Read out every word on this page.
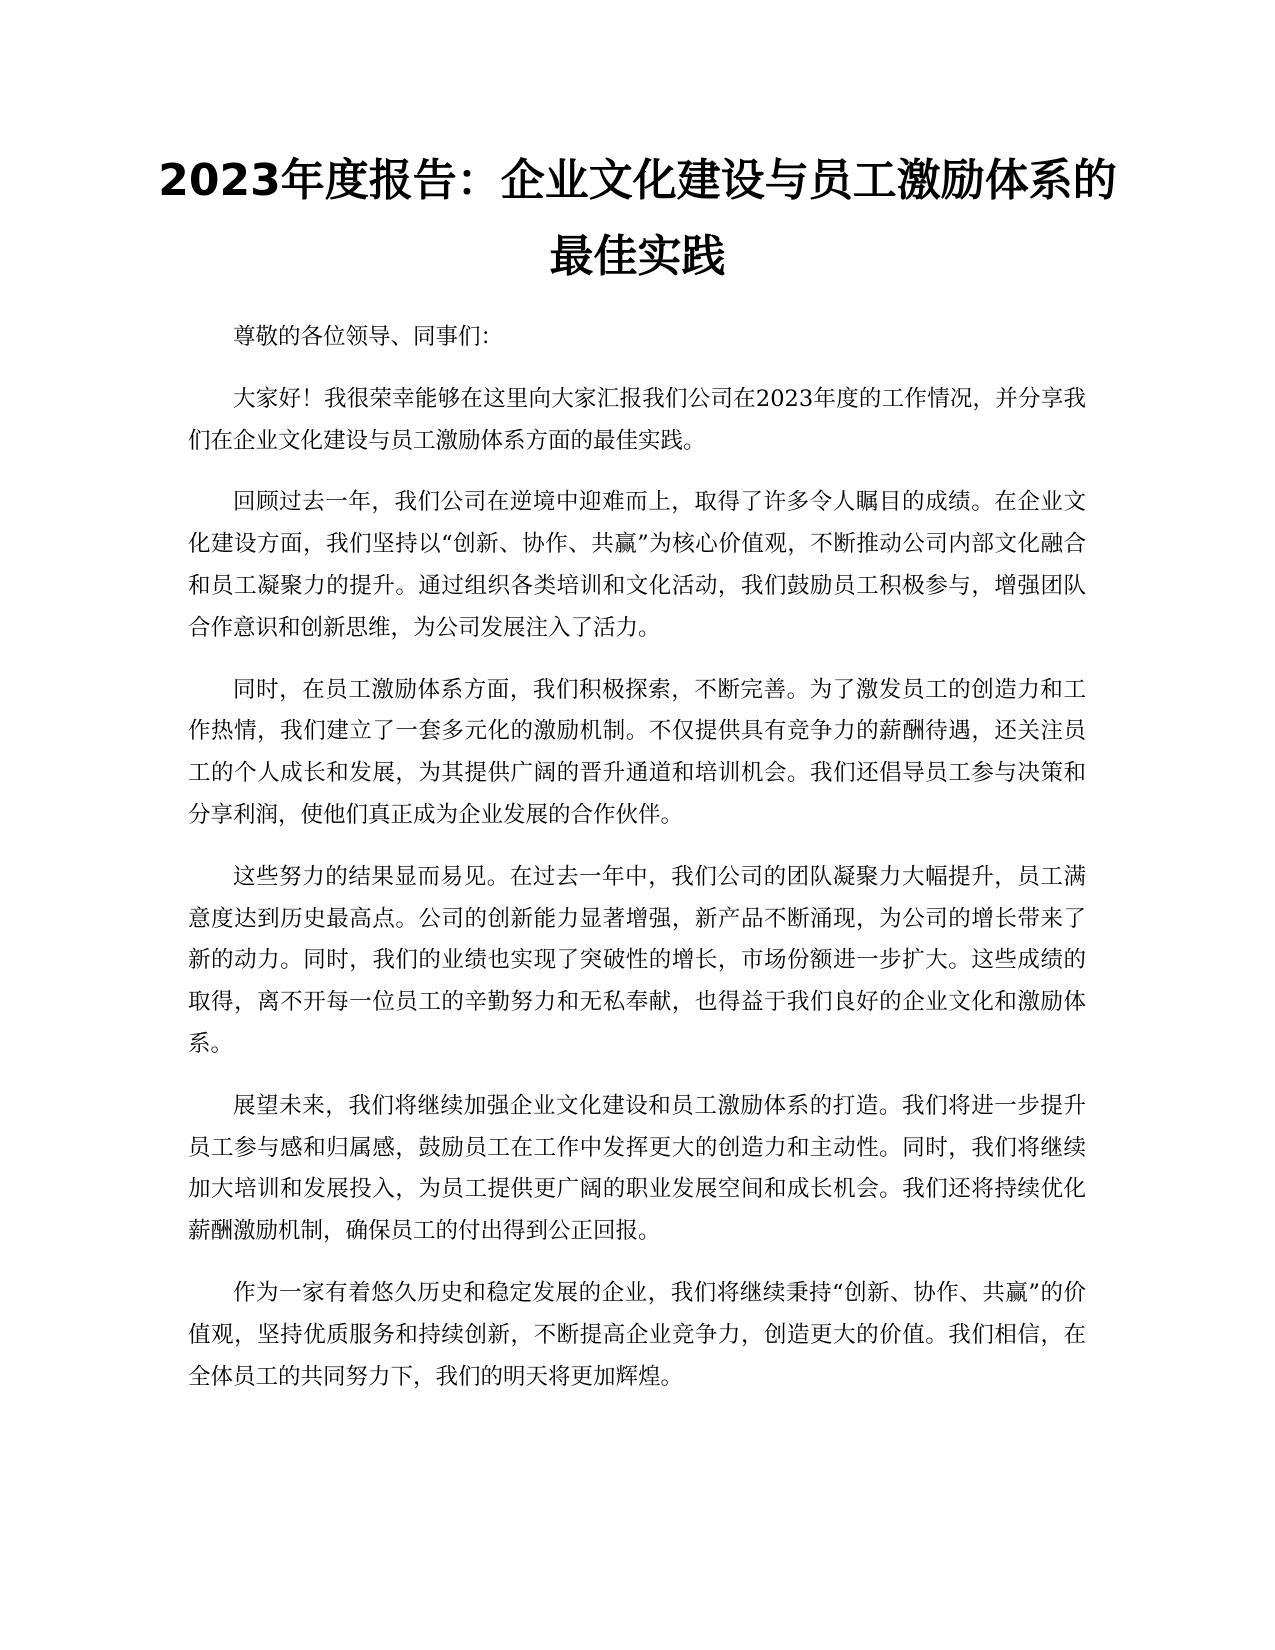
2023年度报告：企业文化建设与员工激励体系的最佳实践

尊敬的各位领导、同事们：

大家好！我很荣幸能够在这里向大家汇报我们公司在2023年度的工作情况，并分享我们在企业文化建设与员工激励体系方面的最佳实践。

回顾过去一年，我们公司在逆境中迎难而上，取得了许多令人瞩目的成绩。在企业文化建设方面，我们坚持以“创新、协作、共赢”为核心价值观，不断推动公司内部文化融合和员工凝聚力的提升。通过组织各类培训和文化活动，我们鼓励员工积极参与，增强团队合作意识和创新思维，为公司发展注入了活力。

同时，在员工激励体系方面，我们积极探索，不断完善。为了激发员工的创造力和工作热情，我们建立了一套多元化的激励机制。不仅提供具有竞争力的薪酬待遇，还关注员工的个人成长和发展，为其提供广阔的晋升通道和培训机会。我们还倡导员工参与决策和分享利润，使他们真正成为企业发展的合作伙伴。

这些努力的结果显而易见。在过去一年中，我们公司的团队凝聚力大幅提升，员工满意度达到历史最高点。公司的创新能力显著增强，新产品不断涌现，为公司的增长带来了新的动力。同时，我们的业绩也实现了突破性的增长，市场份额进一步扩大。这些成绩的取得，离不开每一位员工的辛勤努力和无私奉献，也得益于我们良好的企业文化和激励体系。

展望未来，我们将继续加强企业文化建设和员工激励体系的打造。我们将进一步提升员工参与感和归属感，鼓励员工在工作中发挥更大的创造力和主动性。同时，我们将继续加大培训和发展投入，为员工提供更广阔的职业发展空间和成长机会。我们还将持续优化薪酬激励机制，确保员工的付出得到公正回报。

作为一家有着悠久历史和稳定发展的企业，我们将继续秉持“创新、协作、共赢”的价值观，坚持优质服务和持续创新，不断提高企业竞争力，创造更大的价值。我们相信，在全体员工的共同努力下，我们的明天将更加辉煌。
